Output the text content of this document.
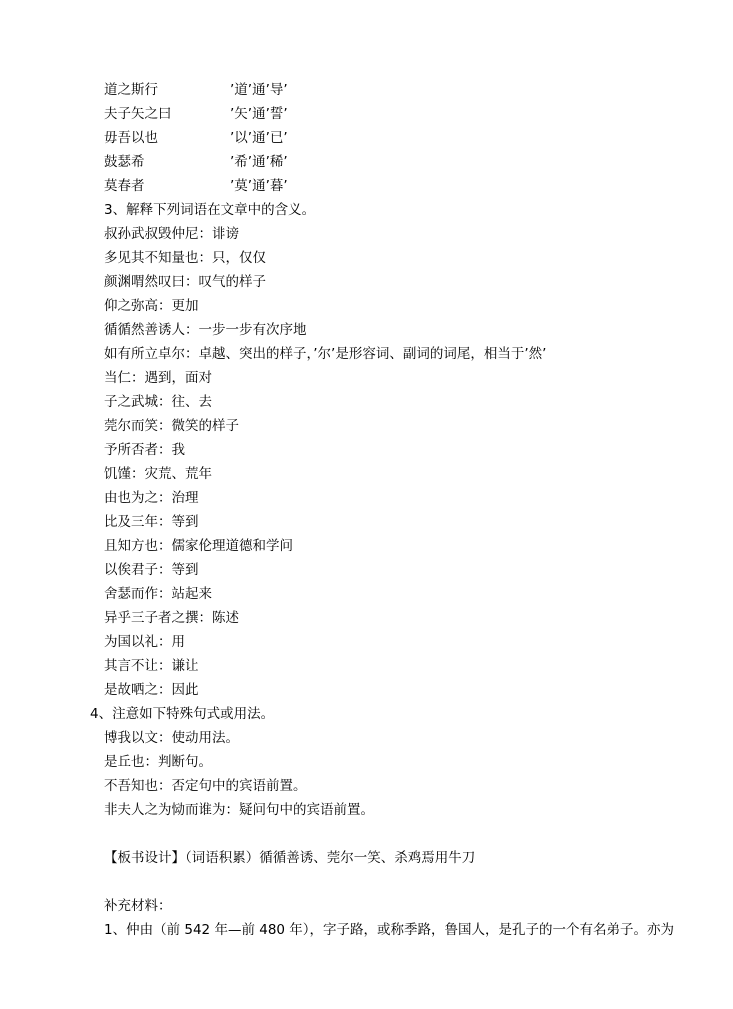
道之斯行	’道’通’导’
夫子矢之曰	’矢’通’誓’
毋吾以也	’以’通’已’
鼓瑟希	’希’通’稀’
莫春者	’莫’通’暮’
3、解释下列词语在文章中的含义。
叔孙武叔毁仲尼：诽谤
多见其不知量也：只，仅仅
颜渊喟然叹曰：叹气的样子
仰之弥高：更加
循循然善诱人：一步一步有次序地
如有所立卓尔：卓越、突出的样子，’尔’是形容词、副词的词尾，相当于’然’
当仁：遇到，面对
子之武城：往、去
莞尔而笑：微笑的样子
予所否者：我
饥馑：灾荒、荒年
由也为之：治理
比及三年：等到
且知方也：儒家伦理道德和学问
以俟君子：等到
舍瑟而作：站起来
异乎三子者之撰：陈述
为国以礼：用
其言不让：谦让
是故哂之：因此
4、注意如下特殊句式或用法。
博我以文：使动用法。
是丘也：判断句。
不吾知也：否定句中的宾语前置。
非夫人之为恸而谁为：疑问句中的宾语前置。
【板书设计】（词语积累）循循善诱、莞尔一笑、杀鸡焉用牛刀
补充材料：
1、仲由（前 542 年—前 480 年），字子路，或称季路，鲁国人，是孔子的一个有名弟子。亦为
